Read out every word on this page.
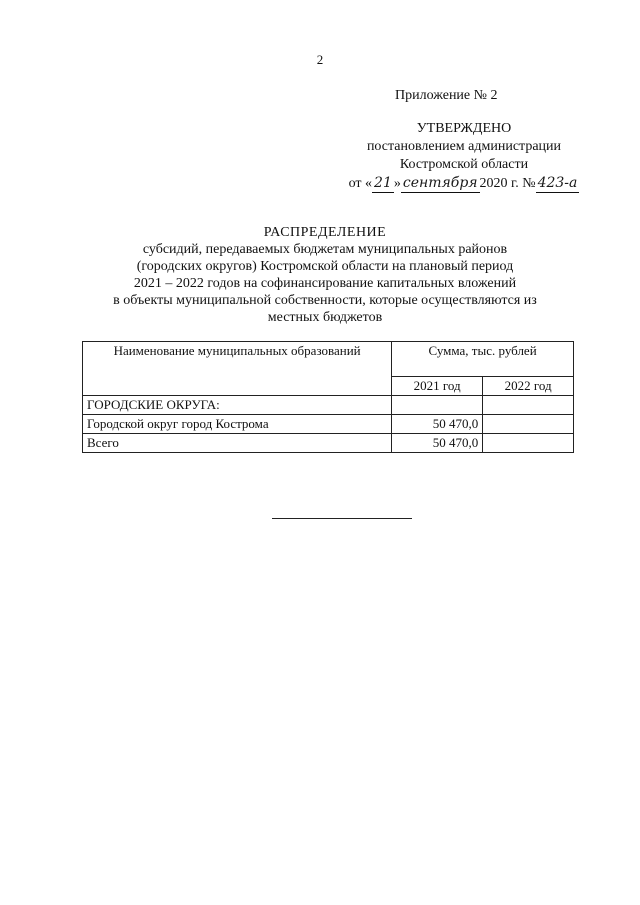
2
Приложение № 2
УТВЕРЖДЕНО
постановлением администрации
Костромской области
от « 21 » сентября 2020 г. № 423-а
РАСПРЕДЕЛЕНИЕ
субсидий, передаваемых бюджетам муниципальных районов
(городских округов) Костромской области на плановый период
2021 – 2022 годов на софинансирование капитальных вложений
в объекты муниципальной собственности, которые осуществляются из
местных бюджетов
Наименование муниципальных образований	Сумма, тыс. рублей	
	2021 год	2022 год
ГОРОДСКИЕ ОКРУГА:		
Городской округ город Кострома	50 470,0	
Всего	50 470,0	
